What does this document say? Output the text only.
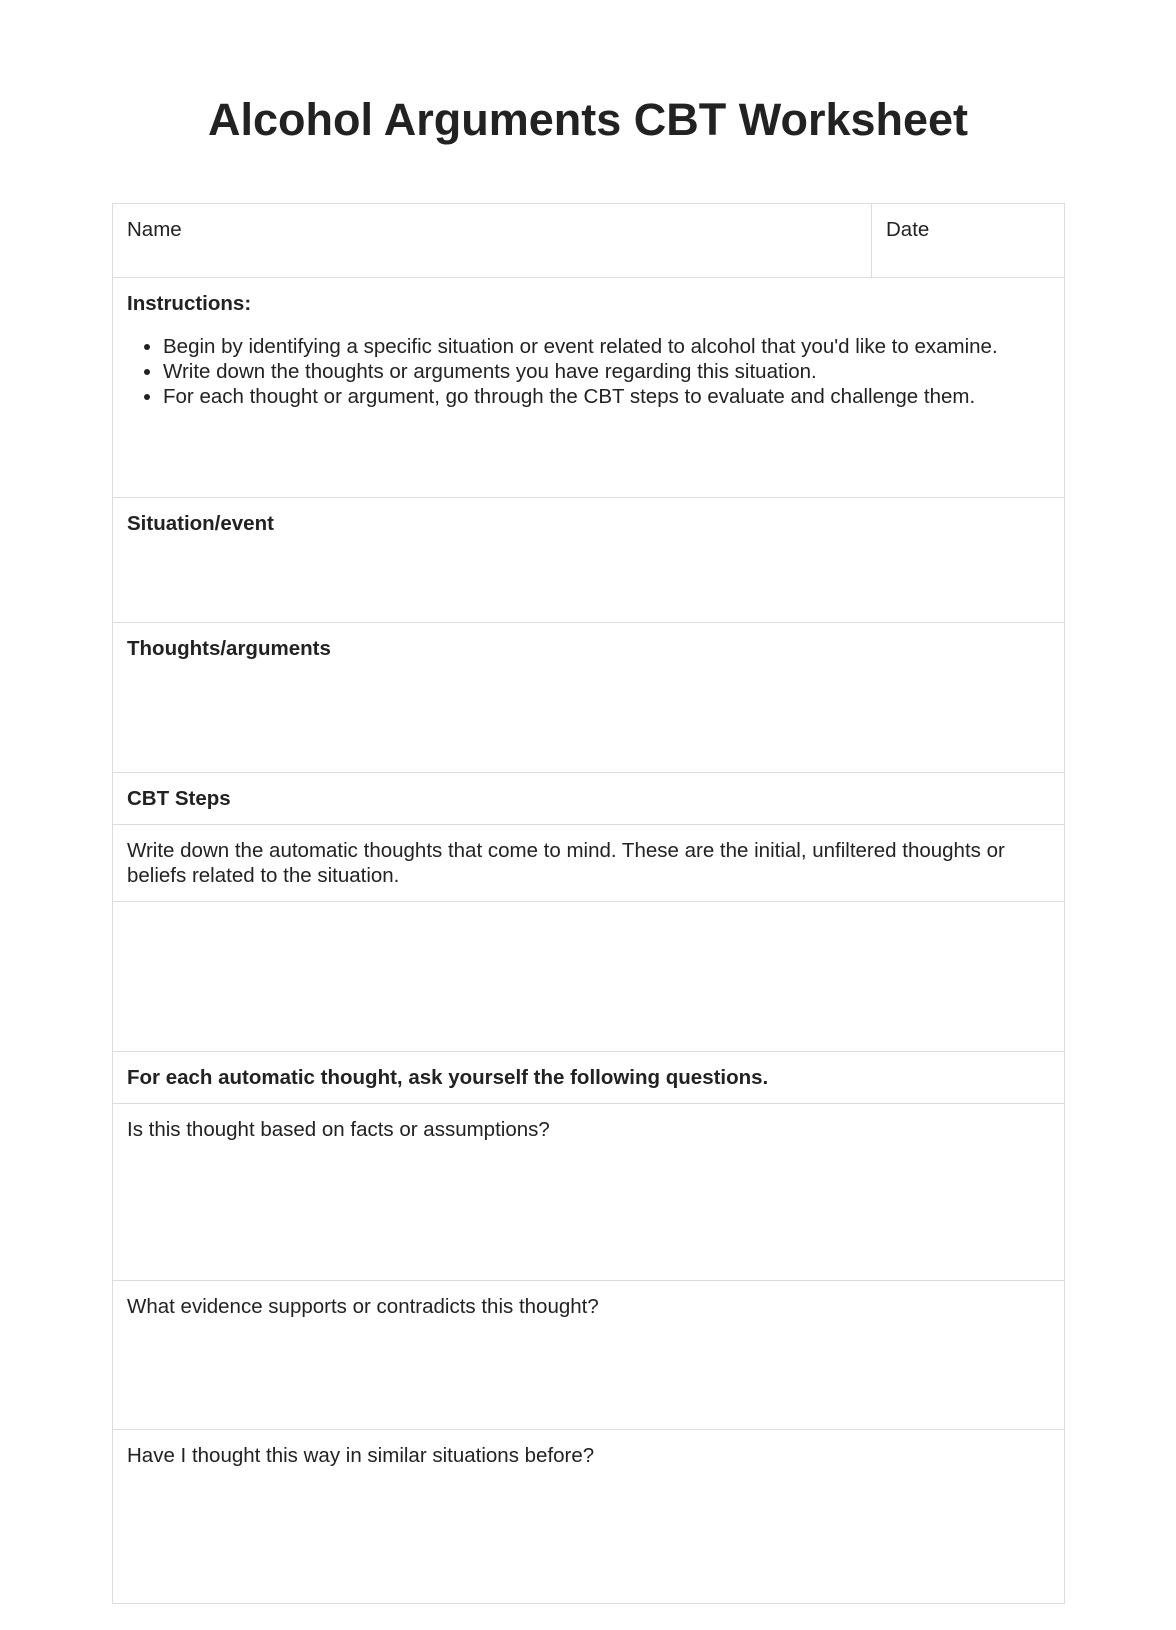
Alcohol Arguments CBT Worksheet
Name	Date

Instructions:
• Begin by identifying a specific situation or event related to alcohol that you'd like to examine.
• Write down the thoughts or arguments you have regarding this situation.
• For each thought or argument, go through the CBT steps to evaluate and challenge them.

Situation/event
Thoughts/arguments
CBT Steps
Write down the automatic thoughts that come to mind. These are the initial, unfiltered thoughts or beliefs related to the situation.

For each automatic thought, ask yourself the following questions.
Is this thought based on facts or assumptions?
What evidence supports or contradicts this thought?
Have I thought this way in similar situations before?
